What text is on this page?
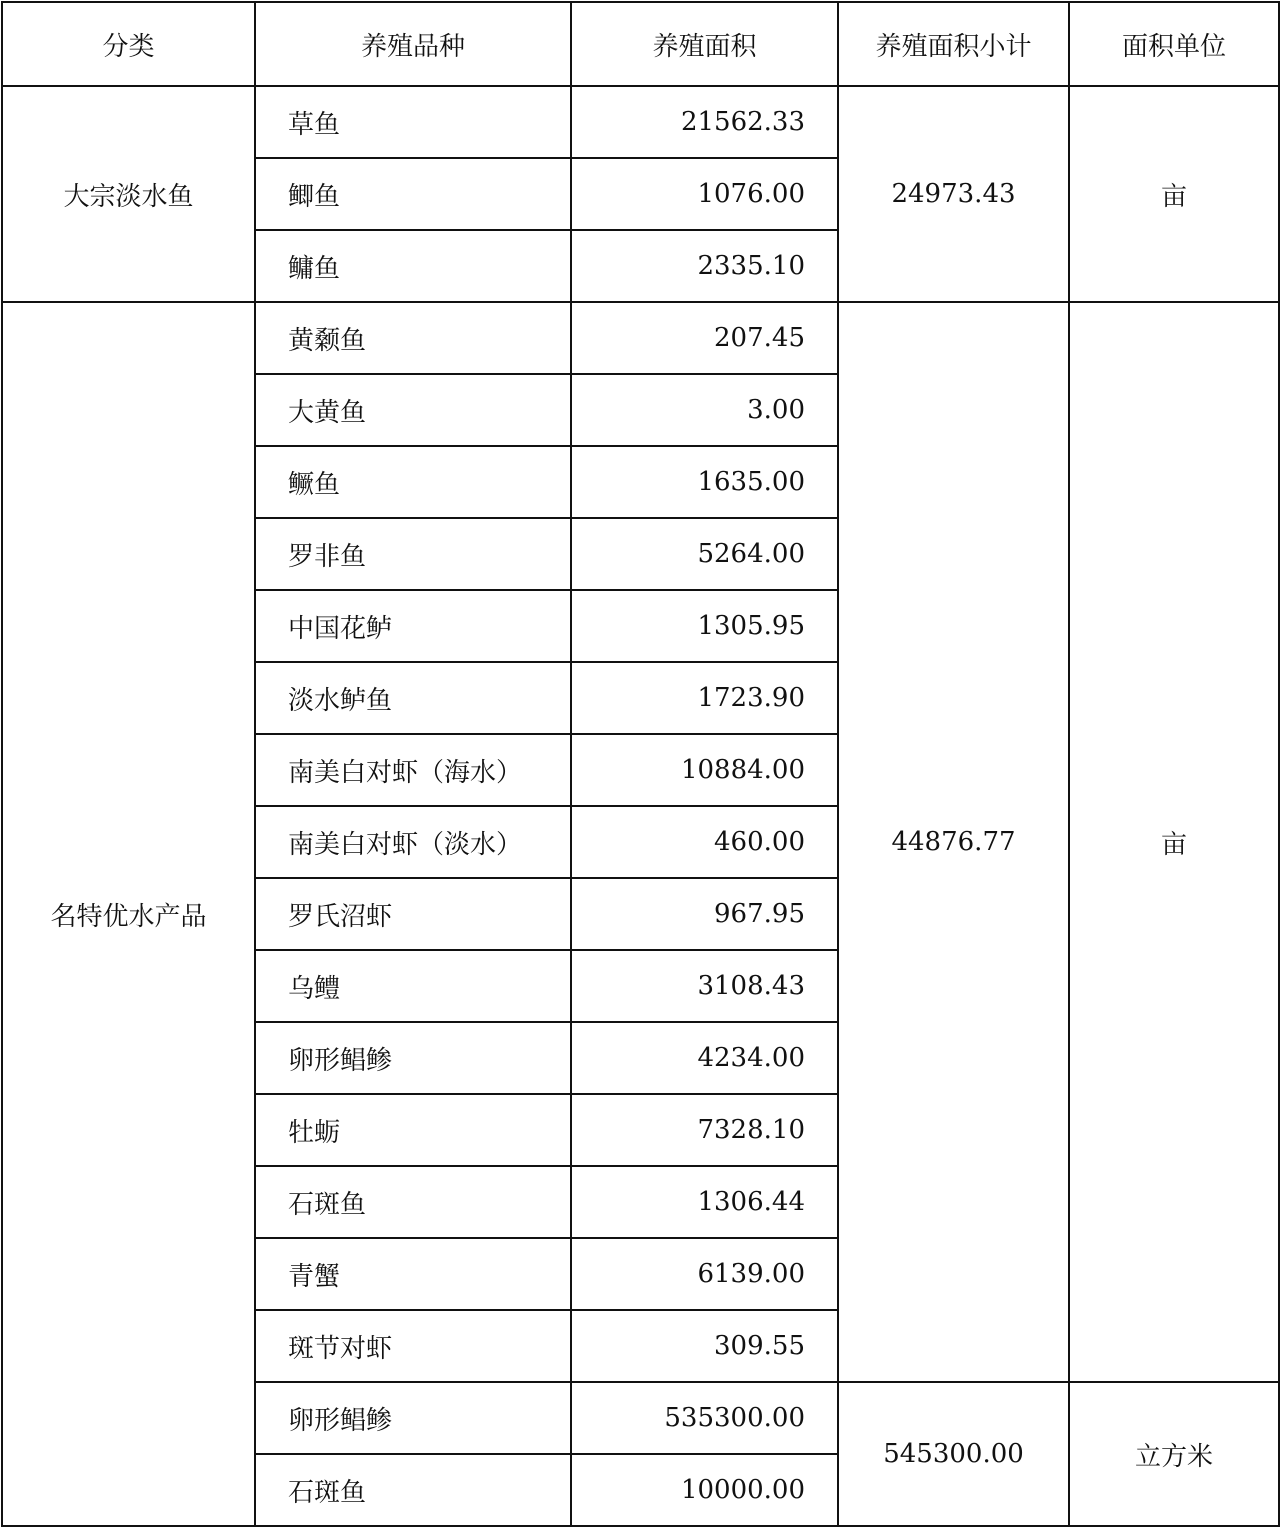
分类	养殖品种	养殖面积	养殖面积小计	面积单位
大宗淡水鱼	草鱼	21562.33	24973.43	亩
	鲫鱼	1076.00		
	鳙鱼	2335.10		
名特优水产品	黄颡鱼	207.45	44876.77	亩
	大黄鱼	3.00		
	鳜鱼	1635.00		
	罗非鱼	5264.00		
	中国花鲈	1305.95		
	淡水鲈鱼	1723.90		
	南美白对虾（海水）	10884.00		
	南美白对虾（淡水）	460.00		
	罗氏沼虾	967.95		
	乌鳢	3108.43		
	卵形鲳鲹	4234.00		
	牡蛎	7328.10		
	石斑鱼	1306.44		
	青蟹	6139.00		
	斑节对虾	309.55		
	卵形鲳鲹	535300.00	545300.00	立方米
	石斑鱼	10000.00		
